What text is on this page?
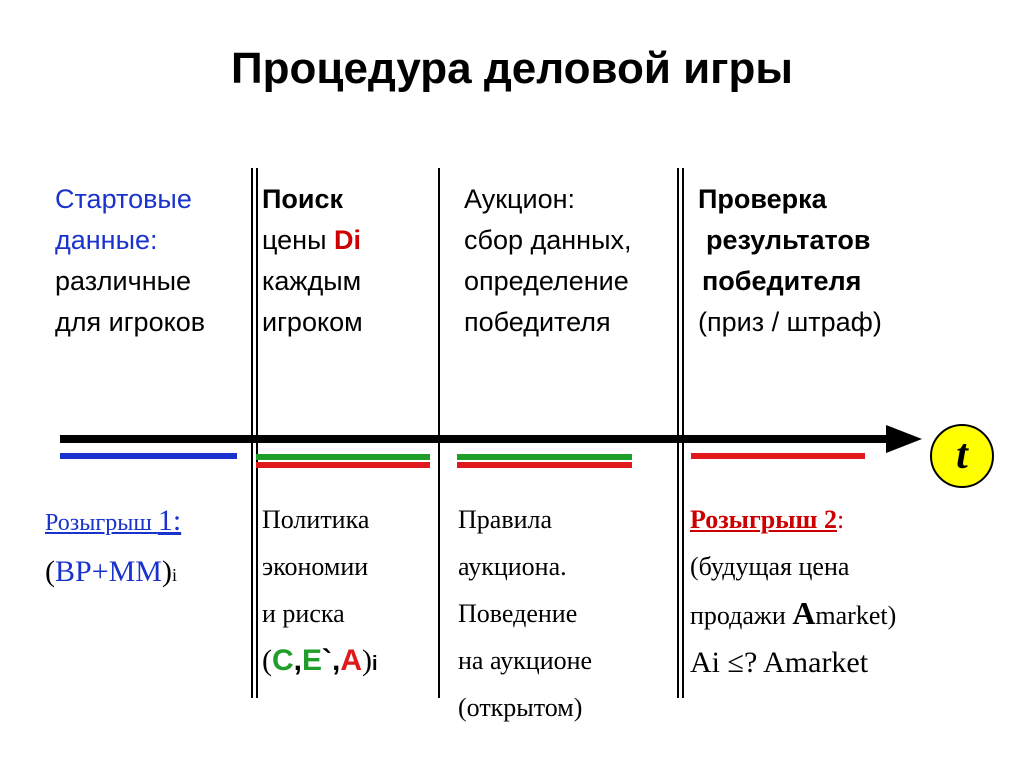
Процедура деловой игры
Стартовые
данные:
различные
для игроков
Поиск
цены Di
каждым
игроком
Аукцион:
сбор данных,
определение
победителя
Проверка
результатов
победителя
(приз / штраф)
t
Розыгрыш 1:
(BP+MM)i
Политика
экономии
и риска
(С,Е`,А)i
Правила
аукциона.
Поведение
на аукционе
(открытом)
Розыгрыш 2:
(будущая цена
продажи Amarket)
Ai ≤? Amarket
